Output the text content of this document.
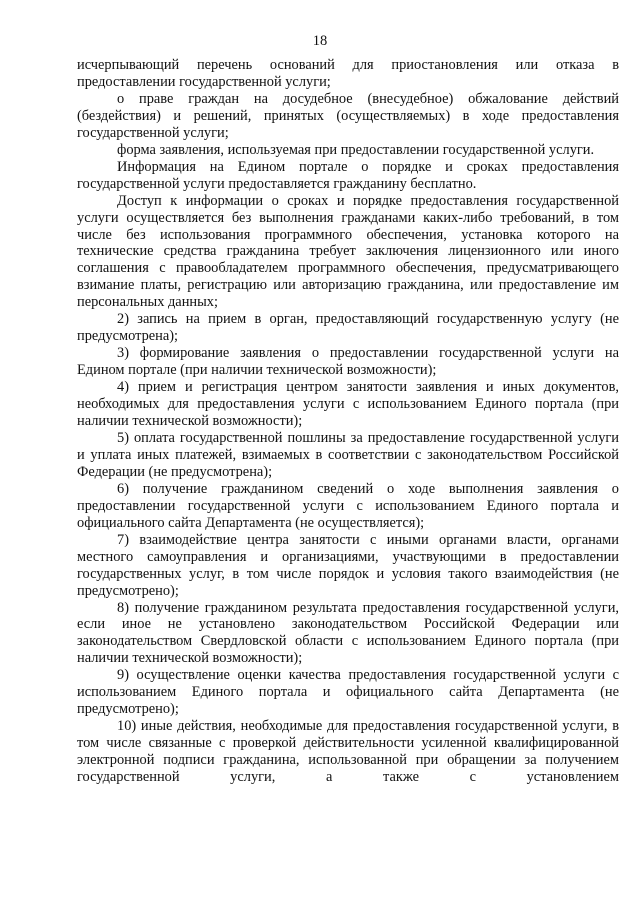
18

исчерпывающий перечень оснований для приостановления или отказа в предоставлении государственной услуги;

о праве граждан на досудебное (внесудебное) обжалование действий (бездействия) и решений, принятых (осуществляемых) в ходе предоставления государственной услуги;

форма заявления, используемая при предоставлении государственной услуги.

Информация на Едином портале о порядке и сроках предоставления государственной услуги предоставляется гражданину бесплатно.

Доступ к информации о сроках и порядке предоставления государственной услуги осуществляется без выполнения гражданами каких-либо требований, в том числе без использования программного обеспечения, установка которого на технические средства гражданина требует заключения лицензионного или иного соглашения с правообладателем программного обеспечения, предусматривающего взимание платы, регистрацию или авторизацию гражданина, или предоставление им персональных данных;

2) запись на прием в орган, предоставляющий государственную услугу (не предусмотрена);

3) формирование заявления о предоставлении государственной услуги на Едином портале (при наличии технической возможности);

4) прием и регистрация центром занятости заявления и иных документов, необходимых для предоставления услуги с использованием Единого портала (при наличии технической возможности);

5) оплата государственной пошлины за предоставление государственной услуги и уплата иных платежей, взимаемых в соответствии с законодательством Российской Федерации (не предусмотрена);

6) получение гражданином сведений о ходе выполнения заявления о предоставлении государственной услуги с использованием Единого портала и официального сайта Департамента (не осуществляется);

7) взаимодействие центра занятости с иными органами власти, органами местного самоуправления и организациями, участвующими в предоставлении государственных услуг, в том числе порядок и условия такого взаимодействия (не предусмотрено);

8) получение гражданином результата предоставления государственной услуги, если иное не установлено законодательством Российской Федерации или законодательством Свердловской области с использованием Единого портала (при наличии технической возможности);

9) осуществление оценки качества предоставления государственной услуги с использованием Единого портала и официального сайта Департамента (не предусмотрено);

10) иные действия, необходимые для предоставления государственной услуги, в том числе связанные с проверкой действительности усиленной квалифицированной электронной подписи гражданина, использованной при обращении за получением государственной услуги, а также с установлением
